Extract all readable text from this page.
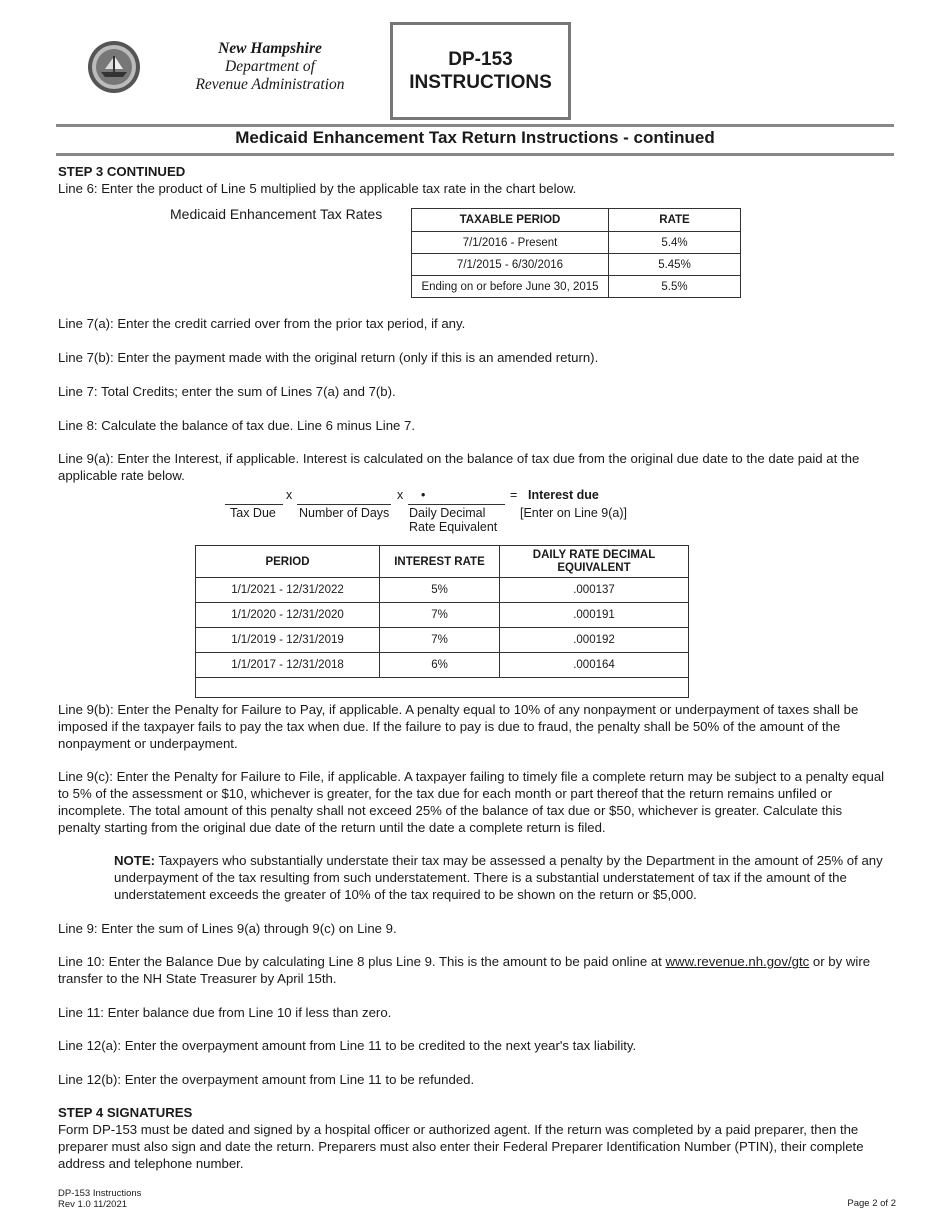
New Hampshire
Department of
Revenue Administration
DP-153
INSTRUCTIONS
Medicaid Enhancement Tax Return Instructions - continued
STEP 3 CONTINUED
Line 6: Enter the product of Line 5 multiplied by the applicable tax rate in the chart below.
Medicaid Enhancement Tax Rates	TAXABLE PERIOD	RATE
7/1/2016 - Present	5.4%
7/1/2015 - 6/30/2016	5.45%
Ending on or before June 30, 2015	5.5%
Line 7(a): Enter the credit carried over from the prior tax period, if any.
Line 7(b): Enter the payment made with the original return (only if this is an amended return).
Line 7: Total Credits; enter the sum of Lines 7(a) and 7(b).
Line 8: Calculate the balance of tax due. Line 6 minus Line 7.
Line 9(a): Enter the Interest, if applicable. Interest is calculated on the balance of tax due from the original due date to the date paid at the applicable rate below.
x	x •	= Interest due
Tax Due Number of Days Daily Decimal
Rate Equivalent
[Enter on Line 9(a)]
PERIOD	INTEREST RATE	DAILY RATE DECIMAL EQUIVALENT
1/1/2021 - 12/31/2022	5%	.000137
1/1/2020 - 12/31/2020	7%	.000191
1/1/2019 - 12/31/2019	7%	.000192
1/1/2017 - 12/31/2018	6%	.000164

Line 9(b): Enter the Penalty for Failure to Pay, if applicable. A penalty equal to 10% of any nonpayment or underpayment of taxes shall be imposed if the taxpayer fails to pay the tax when due. If the failure to pay is due to fraud, the penalty shall be 50% of the amount of the nonpayment or underpayment.
Line 9(c): Enter the Penalty for Failure to File, if applicable. A taxpayer failing to timely file a complete return may be subject to a penalty equal to 5% of the assessment or $10, whichever is greater, for the tax due for each month or part thereof that the return remains unfiled or incomplete. The total amount of this penalty shall not exceed 25% of the balance of tax due or $50, whichever is greater. Calculate this penalty starting from the original due date of the return until the date a complete return is filed.
NOTE: Taxpayers who substantially understate their tax may be assessed a penalty by the Department in the amount of 25% of any underpayment of the tax resulting from such understatement. There is a substantial understatement of tax if the amount of the understatement exceeds the greater of 10% of the tax required to be shown on the return or $5,000.
Line 9: Enter the sum of Lines 9(a) through 9(c) on Line 9.
Line 10: Enter the Balance Due by calculating Line 8 plus Line 9. This is the amount to be paid online at www.revenue.nh.gov/gtc or by wire transfer to the NH State Treasurer by April 15th.
Line 11: Enter balance due from Line 10 if less than zero.
Line 12(a): Enter the overpayment amount from Line 11 to be credited to the next year's tax liability.
Line 12(b): Enter the overpayment amount from Line 11 to be refunded.
STEP 4 SIGNATURES
Form DP-153 must be dated and signed by a hospital officer or authorized agent. If the return was completed by a paid preparer, then the preparer must also sign and date the return. Preparers must also enter their Federal Preparer Identification Number (PTIN), their complete address and telephone number.
DP-153 Instructions
Rev 1.0 11/2021	Page 2 of 2
